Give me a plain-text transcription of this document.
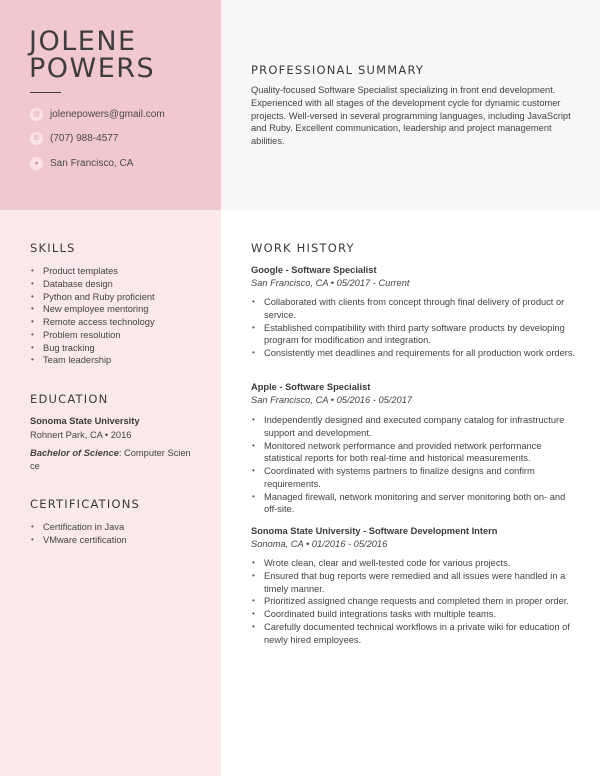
JOLENE
POWERS
@ jolenepowers@gmail.com
✆	(707) 988-4577
●	San Francisco, CA
PROFESSIONAL SUMMARY

Quality-focused Software Specialist specializing in front end development. Experienced with all stages of the development cycle for dynamic customer projects. Well-versed in several programming languages, including JavaScript and Ruby. Excellent communication, leadership and project management abilities.

SKILLS
• Product templates
• Database design
• Python and Ruby proficient
• New employee mentoring
• Remote access technology
• Problem resolution
• Bug tracking
• Team leadership
EDUCATION
Sonoma State University
Rohnert Park, CA • 2016
Bachelor of Science: Computer Science
CERTIFICATIONS
• Certification in Java
• VMware certification
WORK HISTORY
Google - Software Specialist
San Francisco, CA • 05/2017 - Current
• Collaborated with clients from concept through final delivery of product or service.
• Established compatibility with third party software products by developing program for modification and integration.
• Consistently met deadlines and requirements for all production work orders.
Apple - Software Specialist
San Francisco, CA • 05/2016 - 05/2017
• Independently designed and executed company catalog for infrastructure support and development.
• Monitored network performance and provided network performance statistical reports for both real-time and historical measurements.
• Coordinated with systems partners to finalize designs and confirm requirements.
• Managed firewall, network monitoring and server monitoring both on- and off-site.
Sonoma State University - Software Development Intern
Sonoma, CA • 01/2016 - 05/2016
• Wrote clean, clear and well-tested code for various projects.
• Ensured that bug reports were remedied and all issues were handled in a timely manner.
• Prioritized assigned change requests and completed them in proper order.
• Coordinated build integrations tasks with multiple teams.
• Carefully documented technical workflows in a private wiki for education of newly hired employees.
